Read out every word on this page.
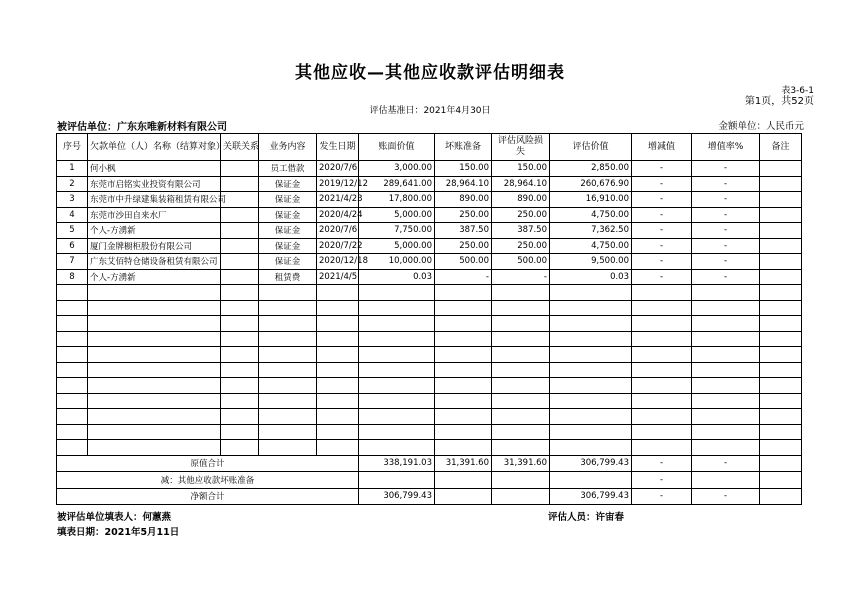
其他应收—其他应收款评估明细表
表3-6-1
第1页，共52页
评估基准日：2021年4月30日
被评估单位：广东东唯新材料有限公司	金额单位：人民币元
序号	欠款单位（人）名称（结算对象）	关联关系	业务内容	发生日期	账面价值	坏账准备	评估风险损失	评估价值	增减值	增值率%	备注
1	何小枫		员工借款	2020/7/6	3,000.00	150.00	150.00	2,850.00	-	-	
2	东莞市启铭实业投资有限公司		保证金	2019/12/12	289,641.00	28,964.10	28,964.10	260,676.90	-	-	
3	东莞市中升绿建集装箱租赁有限公司		保证金	2021/4/23	17,800.00	890.00	890.00	16,910.00	-	-	
4	东莞市沙田自来水厂		保证金	2020/4/24	5,000.00	250.00	250.00	4,750.00	-	-	
5	个人-方湧新		保证金	2020/7/6	7,750.00	387.50	387.50	7,362.50	-	-	
6	厦门金牌橱柜股份有限公司		保证金	2020/7/22	5,000.00	250.00	250.00	4,750.00	-	-	
7	广东艾佰特仓储设备租赁有限公司		保证金	2020/12/18	10,000.00	500.00	500.00	9,500.00	-	-	
8	个人-方湧新		租赁费	2021/4/5	0.03	-	-	0.03	-	-	

原值合计					338,191.03	31,391.60	31,391.60	306,799.43	-	-	
减：其他应收款坏账准备									-		
净额合计					306,799.43			306,799.43	-	-	
被评估单位填表人：何蕙燕	评估人员：许宙春
填表日期：2021年5月11日
